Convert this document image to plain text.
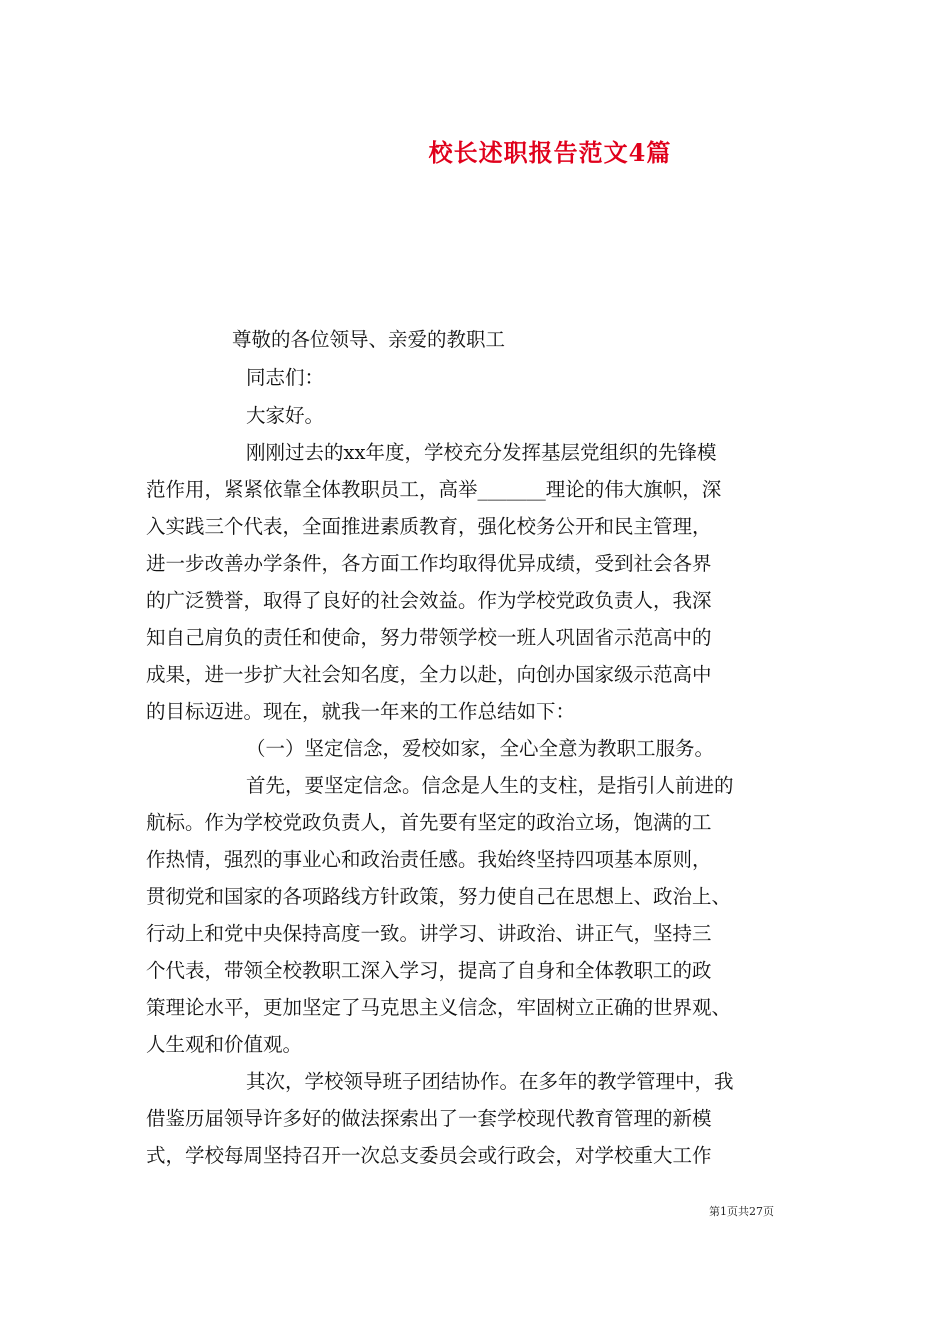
校长述职报告范文4篇
尊敬的各位领导、亲爱的教职工
同志们：
大家好。
刚刚过去的xx年度，学校充分发挥基层党组织的先锋模
范作用，紧紧依靠全体教职员工，高举_______理论的伟大旗帜，深
入实践三个代表，全面推进素质教育，强化校务公开和民主管理，
进一步改善办学条件，各方面工作均取得优异成绩，受到社会各界
的广泛赞誉，取得了良好的社会效益。作为学校党政负责人，我深
知自己肩负的责任和使命，努力带领学校一班人巩固省示范高中的
成果，进一步扩大社会知名度，全力以赴，向创办国家级示范高中
的目标迈进。现在，就我一年来的工作总结如下：
（一）坚定信念，爱校如家，全心全意为教职工服务。
首先，要坚定信念。信念是人生的支柱，是指引人前进的
航标。作为学校党政负责人，首先要有坚定的政治立场，饱满的工
作热情，强烈的事业心和政治责任感。我始终坚持四项基本原则，
贯彻党和国家的各项路线方针政策，努力使自己在思想上、政治上、
行动上和党中央保持高度一致。讲学习、讲政治、讲正气，坚持三
个代表，带领全校教职工深入学习，提高了自身和全体教职工的政
策理论水平，更加坚定了马克思主义信念，牢固树立正确的世界观、
人生观和价值观。
其次，学校领导班子团结协作。在多年的教学管理中，我
借鉴历届领导许多好的做法探索出了一套学校现代教育管理的新模
式，学校每周坚持召开一次总支委员会或行政会，对学校重大工作
第1页共27页
